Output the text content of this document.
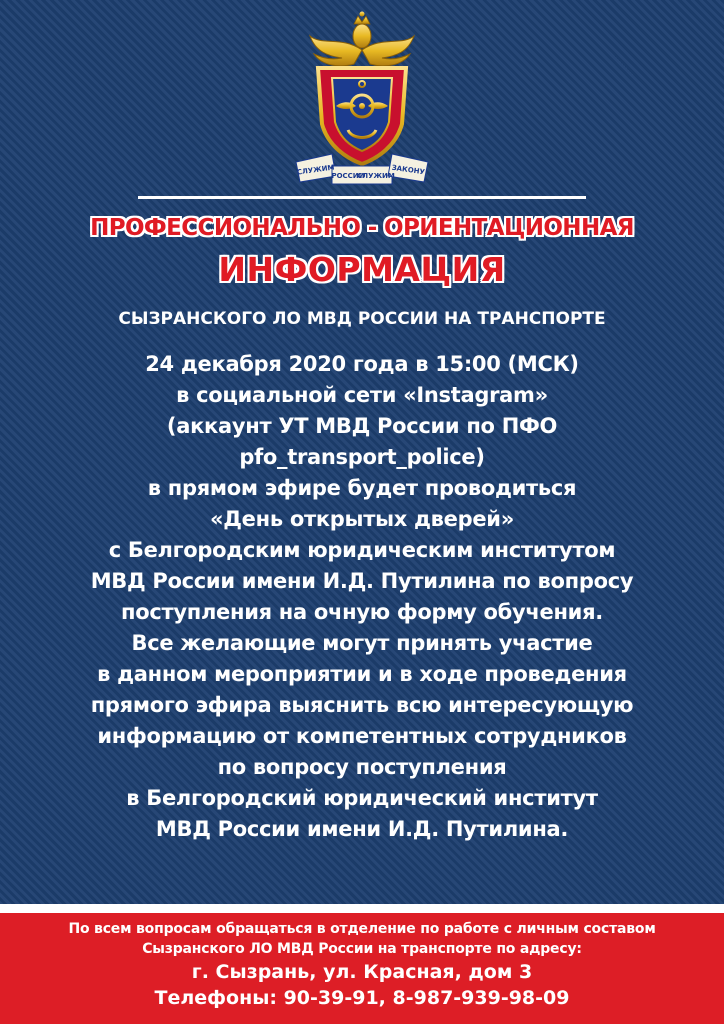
СЛУЖИМ
РОССИИ
СЛУЖИМ
ЗАКОНУ
ПРОФЕССИОНАЛЬНО - ОРИЕНТАЦИОННАЯ
ИНФОРМАЦИЯ
СЫЗРАНСКОГО ЛО МВД РОССИИ НА ТРАНСПОРТЕ
24 декабря 2020 года в 15:00 (МСК)
в социальной сети «Instagram»
(аккаунт УТ МВД России по ПФО
pfo_transport_police)
в прямом эфире будет проводиться
«День открытых дверей»
с Белгородским юридическим институтом
МВД России имени И.Д. Путилина по вопросу
поступления на очную форму обучения.
Все желающие могут принять участие
в данном мероприятии и в ходе проведения
прямого эфира выяснить всю интересующую
информацию от компетентных сотрудников
по вопросу поступления
в Белгородский юридический институт
МВД России имени И.Д. Путилина.
По всем вопросам обращаться в отделение по работе с личным составом
Сызранского ЛО МВД России на транспорте по адресу:
г. Сызрань, ул. Красная, дом 3
Телефоны: 90-39-91, 8-987-939-98-09
